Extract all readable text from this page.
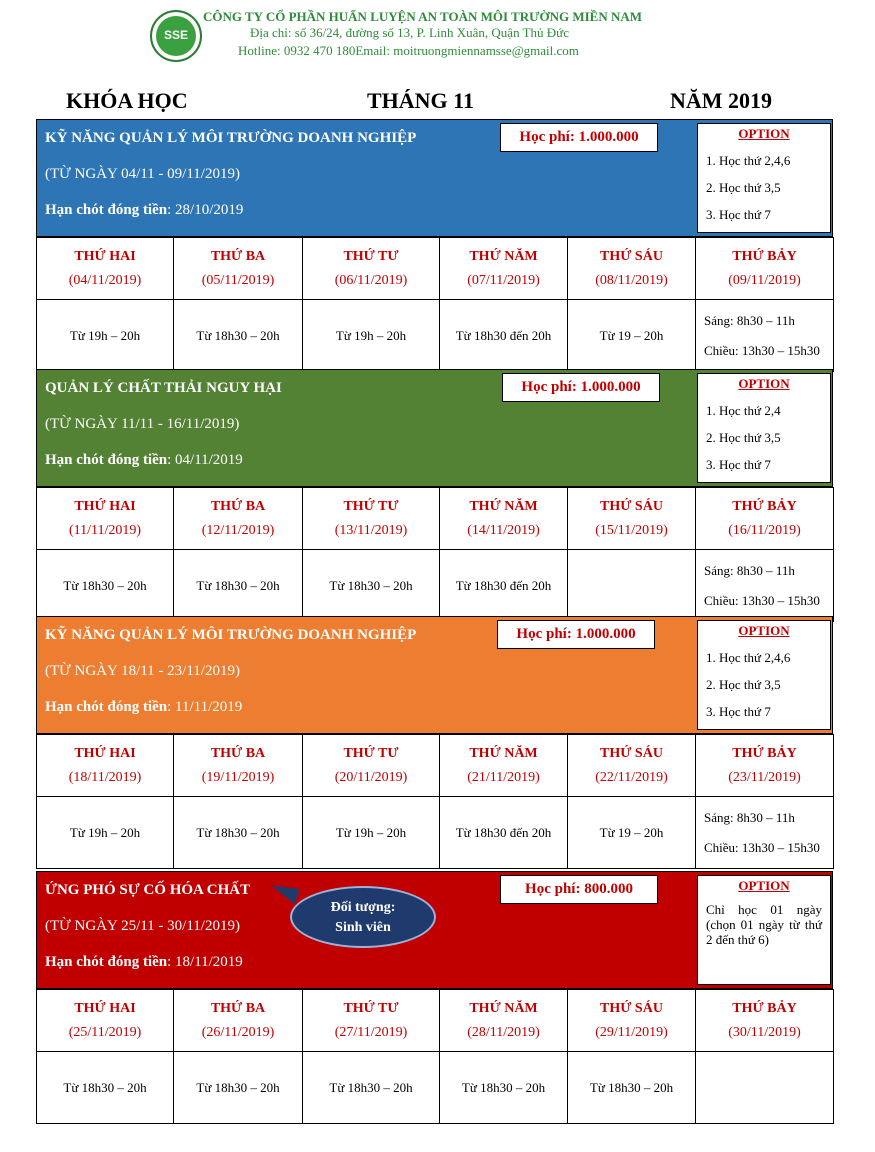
SSE
CÔNG TY CỔ PHẦN HUẤN LUYỆN AN TOÀN MÔI TRƯỜNG MIỀN NAM
Địa chỉ: số 36/24, đường số 13, P. Linh Xuân, Quận Thủ Đức
Hotline: 0932 470 180Email: moitruongmiennamsse@gmail.com
KHÓA HỌC	THÁNG 11	NĂM 2019
KỸ NĂNG QUẢN LÝ MÔI TRƯỜNG DOANH NGHIỆP
(TỪ NGÀY 04/11 - 09/11/2019)
Hạn chót đóng tiền: 28/10/2019
Học phí: 1.000.000	OPTION
1. Học thứ 2,4,6
2. Học thứ 3,5
3. Học thứ 7
THỨ HAI
(04/11/2019)	THỨ BA
(05/11/2019)	THỨ TƯ
(06/11/2019)	THỨ NĂM
(07/11/2019)	THỨ SÁU
(08/11/2019)	THỨ BẢY
(09/11/2019)

Từ 19h – 20h	Từ 18h30 – 20h	Từ 19h – 20h	Từ 18h30 đến 20h	Từ 19 – 20h	Sáng: 8h30 – 11h
Chiều: 13h30 – 15h30
QUẢN LÝ CHẤT THẢI NGUY HẠI
(TỪ NGÀY 11/11 - 16/11/2019)
Hạn chót đóng tiền: 04/11/2019
Học phí: 1.000.000	OPTION
1. Học thứ 2,4
2. Học thứ 3,5
3. Học thứ 7
THỨ HAI
(11/11/2019)	THỨ BA
(12/11/2019)	THỨ TƯ
(13/11/2019)	THỨ NĂM
(14/11/2019)	THỨ SÁU
(15/11/2019)	THỨ BẢY
(16/11/2019)

Từ 18h30 – 20h	Từ 18h30 – 20h	Từ 18h30 – 20h	Từ 18h30 đến 20h		Sáng: 8h30 – 11h
Chiều: 13h30 – 15h30
KỸ NĂNG QUẢN LÝ MÔI TRƯỜNG DOANH NGHIỆP
(TỪ NGÀY 18/11 - 23/11/2019)
Hạn chót đóng tiền: 11/11/2019
Học phí: 1.000.000	OPTION
1. Học thứ 2,4,6
2. Học thứ 3,5
3. Học thứ 7
THỨ HAI
(18/11/2019)	THỨ BA
(19/11/2019)	THỨ TƯ
(20/11/2019)	THỨ NĂM
(21/11/2019)	THỨ SÁU
(22/11/2019)	THỨ BẢY
(23/11/2019)

Từ 19h – 20h	Từ 18h30 – 20h	Từ 19h – 20h	Từ 18h30 đến 20h	Từ 19 – 20h	Sáng: 8h30 – 11h
Chiều: 13h30 – 15h30
ỨNG PHÓ SỰ CỐ HÓA CHẤT
(TỪ NGÀY 25/11 - 30/11/2019)
Hạn chót đóng tiền: 18/11/2019
Học phí: 800.000	OPTION
Chỉ học 01 ngày (chọn 01 ngày từ thứ 2 đến thứ 6)
THỨ HAI
(25/11/2019)	THỨ BA
(26/11/2019)	THỨ TƯ
(27/11/2019)	THỨ NĂM
(28/11/2019)	THỨ SÁU
(29/11/2019)	THỨ BẢY
(30/11/2019)

Từ 18h30 – 20h	Từ 18h30 – 20h	Từ 18h30 – 20h	Từ 18h30 – 20h	Từ 18h30 – 20h	
Đối tượng:
Sinh viên
